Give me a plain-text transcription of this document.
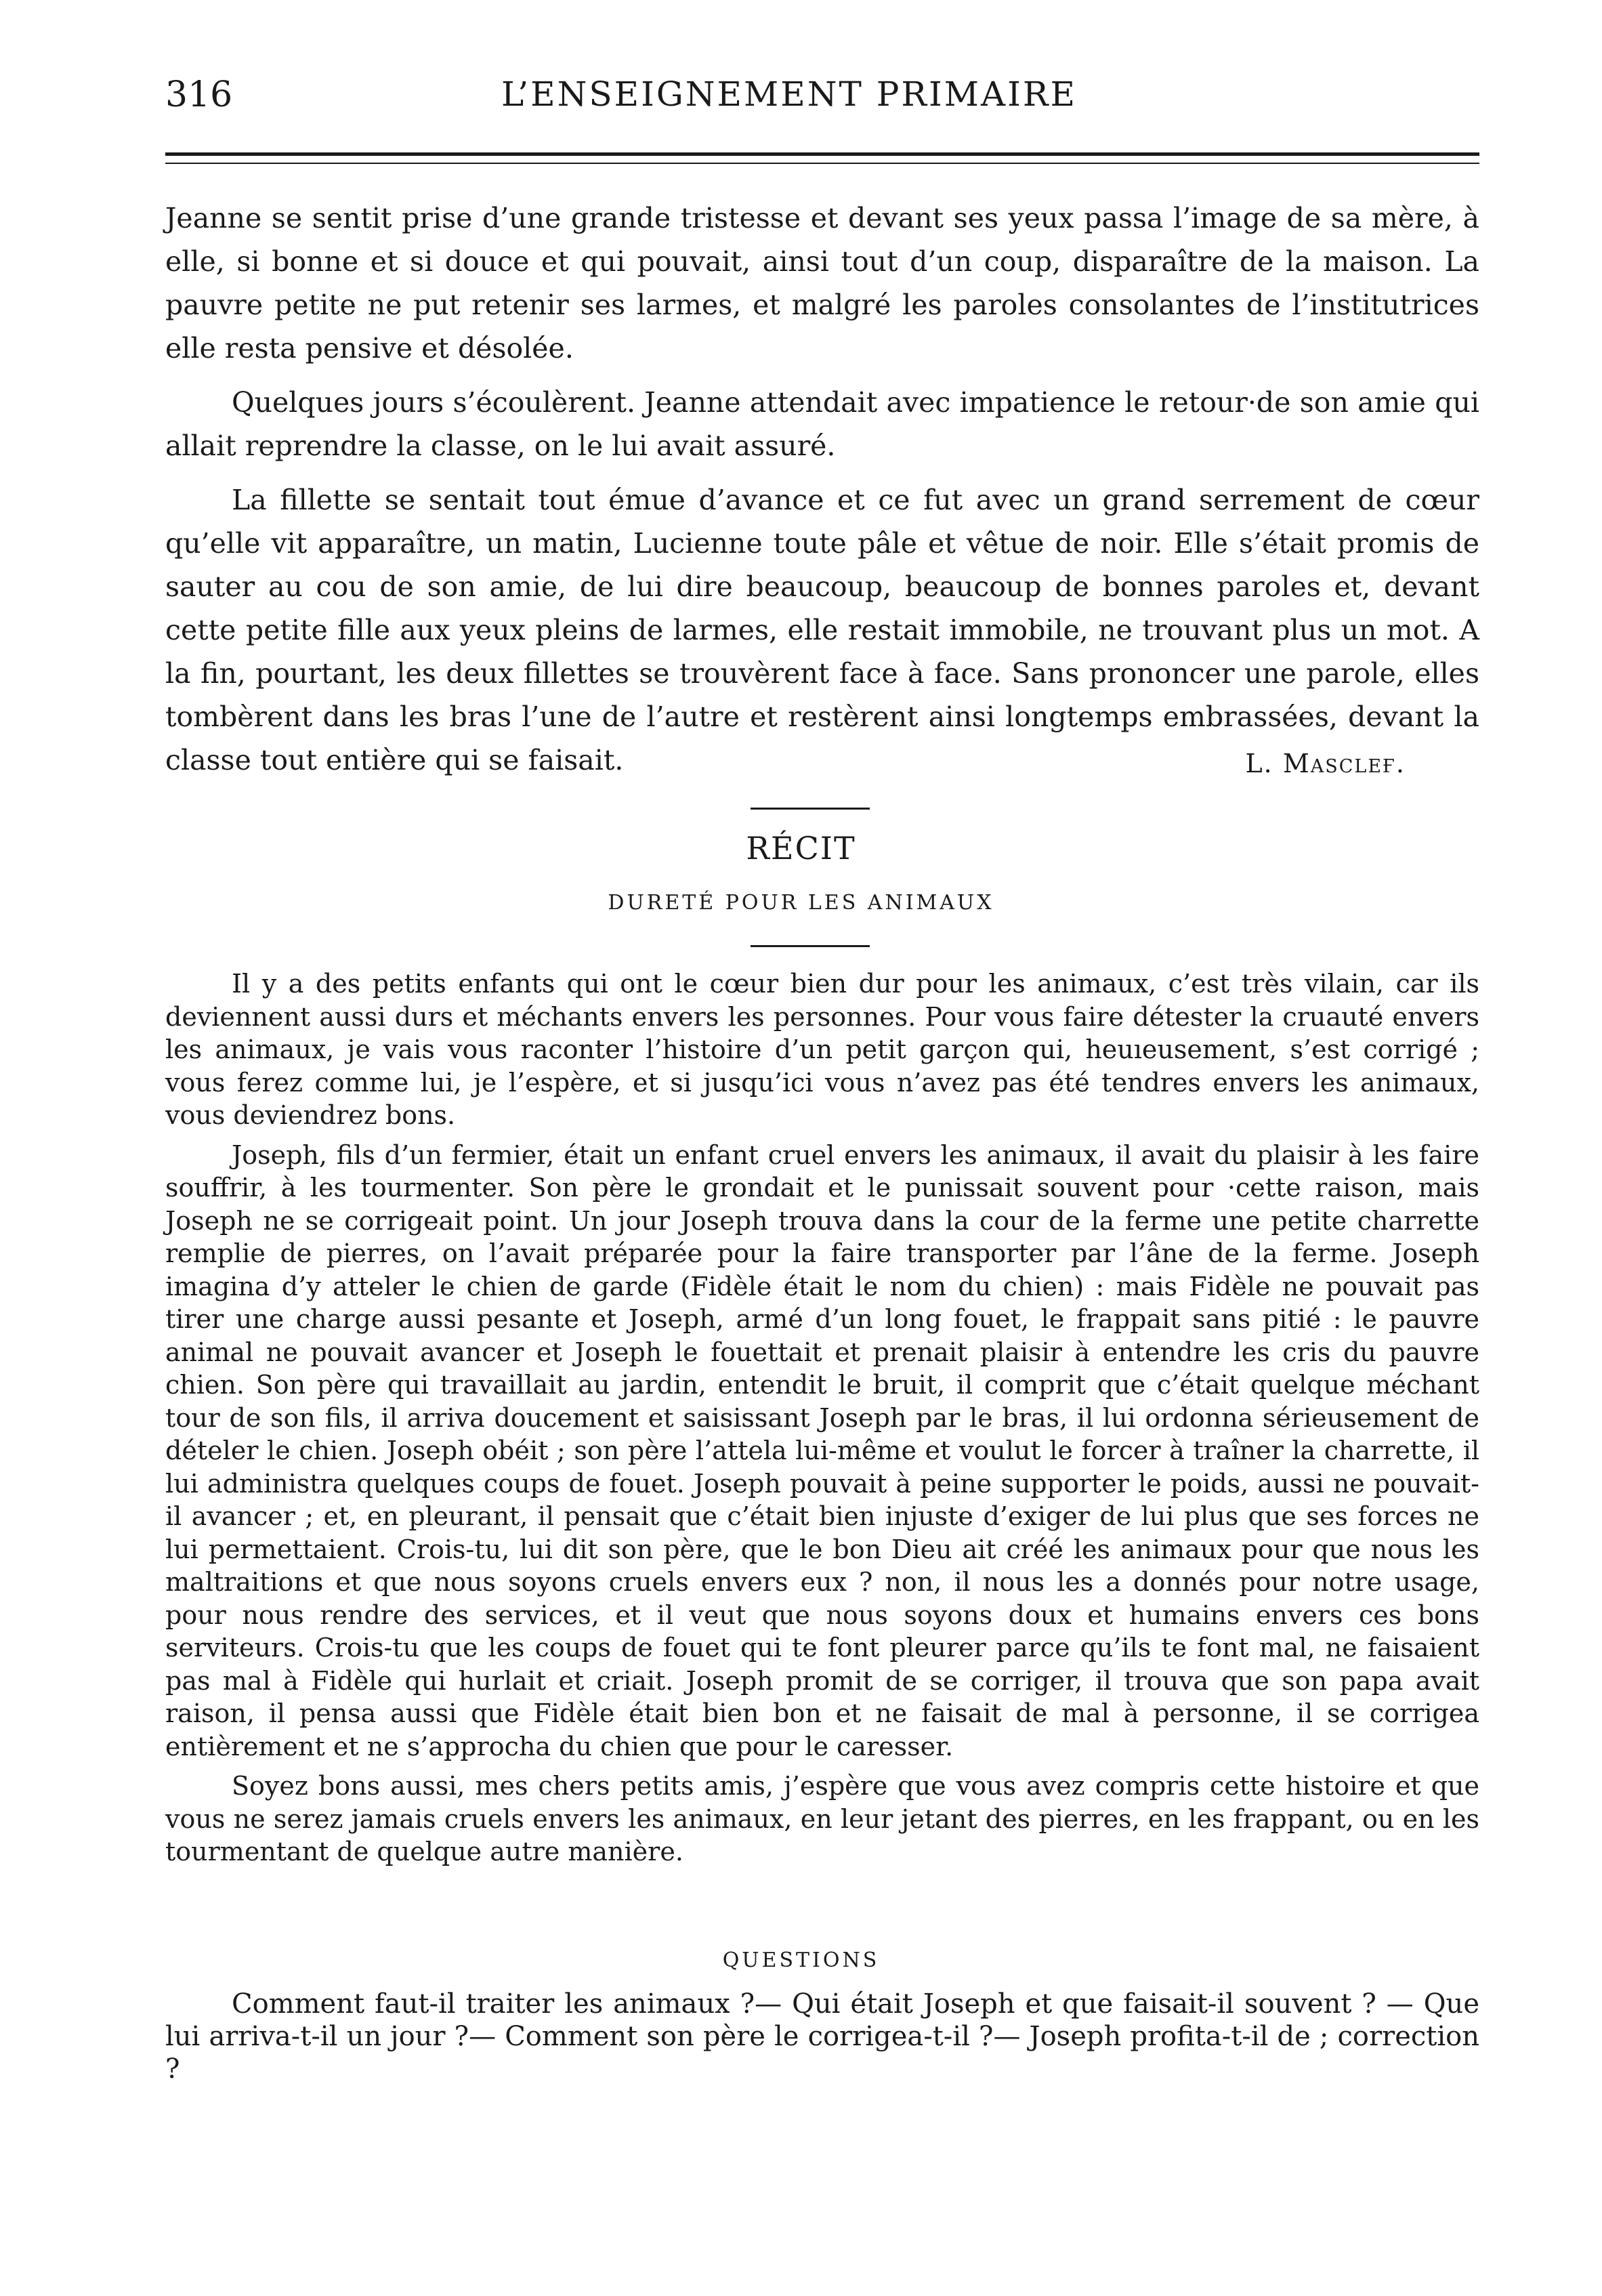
316	L’ENSEIGNEMENT PRIMAIRE

Jeanne se sentit prise d’une grande tristesse et devant ses yeux passa l’image de sa mère, à elle, si bonne et si douce et qui pouvait, ainsi tout d’un coup, disparaître de la maison. La pauvre petite ne put retenir ses larmes, et malgré les paroles consolantes de l’institutrices elle resta pensive et désolée.

Quelques jours s’écoulèrent. Jeanne attendait avec impatience le retour·de son amie qui allait reprendre la classe, on le lui avait assuré.

La fillette se sentait tout émue d’avance et ce fut avec un grand serrement de cœur qu’elle vit apparaître, un matin, Lucienne toute pâle et vêtue de noir. Elle s’était promis de sauter au cou de son amie, de lui dire beaucoup, beaucoup de bonnes paroles et, devant cette petite fille aux yeux pleins de larmes, elle restait immobile, ne trouvant plus un mot. A la fin, pourtant, les deux fillettes se trouvèrent face à face. Sans prononcer une parole, elles tombèrent dans les bras l’une de l’autre et restèrent ainsi longtemps embrassées, devant la classe tout entière qui se faisait.	L. Mascleғ.
RÉCIT
DURETÉ POUR LES ANIMAUX

Il y a des petits enfants qui ont le cœur bien dur pour les animaux, c’est très vilain, car ils deviennent aussi durs et méchants envers les personnes. Pour vous faire détester la cruauté envers les animaux, je vais vous raconter l’histoire d’un petit garçon qui, heuıeusement, s’est corrigé ; vous ferez comme lui, je l’espère, et si jusqu’ici vous n’avez pas été tendres envers les animaux, vous deviendrez bons.

Joseph, fils d’un fermier, était un enfant cruel envers les animaux, il avait du plaisir à les faire souffrir, à les tourmenter. Son père le grondait et le punissait souvent pour ·cette raison, mais Joseph ne se corrigeait point. Un jour Joseph trouva dans la cour de la ferme une petite charrette remplie de pierres, on l’avait préparée pour la faire transporter par l’âne de la ferme. Joseph imagina d’y atteler le chien de garde (Fidèle était le nom du chien) : mais Fidèle ne pouvait pas tirer une charge aussi pesante et Joseph, armé d’un long fouet, le frappait sans pitié : le pauvre animal ne pouvait avancer et Joseph le fouettait et prenait plaisir à entendre les cris du pauvre chien. Son père qui travaillait au jardin, entendit le bruit, il comprit que c’était quelque méchant tour de son fils, il arriva doucement et saisissant Joseph par le bras, il lui ordonna sérieusement de dételer le chien. Joseph obéit ; son père l’attela lui-même et voulut le forcer à traîner la charrette, il lui administra quelques coups de fouet. Joseph pouvait à peine supporter le poids, aussi ne pouvait-il avancer ; et, en pleurant, il pensait que c’était bien injuste d’exiger de lui plus que ses forces ne lui permettaient. Crois-tu, lui dit son père, que le bon Dieu ait créé les animaux pour que nous les maltraitions et que nous soyons cruels envers eux ? non, il nous les a donnés pour notre usage, pour nous rendre des services, et il veut que nous soyons doux et humains envers ces bons serviteurs. Crois-tu que les coups de fouet qui te font pleurer parce qu’ils te font mal, ne faisaient pas mal à Fidèle qui hurlait et criait. Joseph promit de se corriger, il trouva que son papa avait raison, il pensa aussi que Fidèle était bien bon et ne faisait de mal à personne, il se corrigea entièrement et ne s’approcha du chien que pour le caresser.

Soyez bons aussi, mes chers petits amis, j’espère que vous avez compris cette histoire et que vous ne serez jamais cruels envers les animaux, en leur jetant des pierres, en les frappant, ou en les tourmentant de quelque autre manière.

QUESTIONS

Comment faut-il traiter les animaux ?— Qui était Joseph et que faisait-il souvent ? — Que lui arriva-t-il un jour ?— Comment son père le corrigea-t-il ?— Joseph profita-t-il de ; correction ?
